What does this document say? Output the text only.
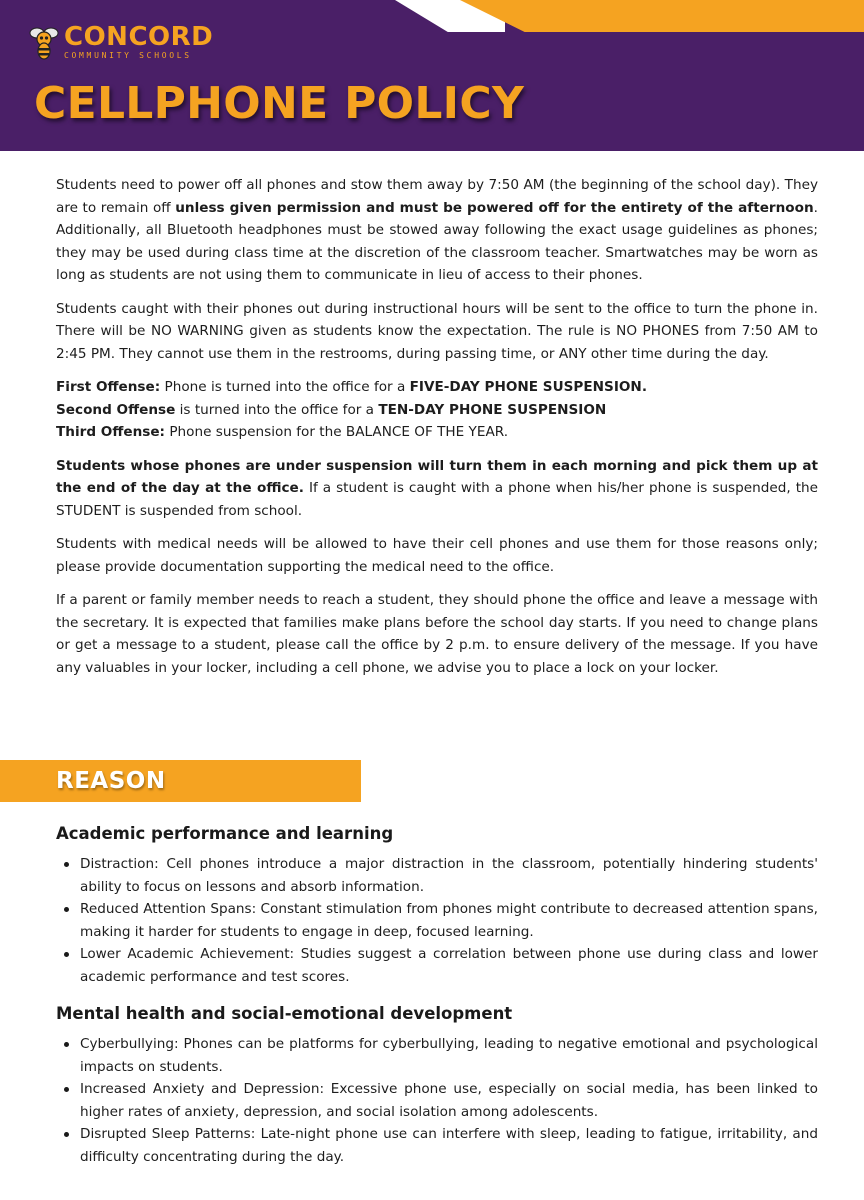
CONCORD
COMMUNITY SCHOOLS
CELLPHONE POLICY

Students need to power off all phones and stow them away by 7:50 AM (the beginning of the school day). They are to remain off unless given permission and must be powered off for the entirety of the afternoon. Additionally, all Bluetooth headphones must be stowed away following the exact usage guidelines as phones; they may be used during class time at the discretion of the classroom teacher. Smartwatches may be worn as long as students are not using them to communicate in lieu of access to their phones.

Students caught with their phones out during instructional hours will be sent to the office to turn the phone in. There will be NO WARNING given as students know the expectation. The rule is NO PHONES from 7:50 AM to 2:45 PM. They cannot use them in the restrooms, during passing time, or ANY other time during the day.

First Offense: Phone is turned into the office for a FIVE-DAY PHONE SUSPENSION.
Second Offense is turned into the office for a TEN-DAY PHONE SUSPENSION
Third Offense: Phone suspension for the BALANCE OF THE YEAR.

Students whose phones are under suspension will turn them in each morning and pick them up at the end of the day at the office. If a student is caught with a phone when his/her phone is suspended, the STUDENT is suspended from school.

Students with medical needs will be allowed to have their cell phones and use them for those reasons only; please provide documentation supporting the medical need to the office.

If a parent or family member needs to reach a student, they should phone the office and leave a message with the secretary. It is expected that families make plans before the school day starts. If you need to change plans or get a message to a student, please call the office by 2 p.m. to ensure delivery of the message. If you have any valuables in your locker, including a cell phone, we advise you to place a lock on your locker.

REASON
Academic performance and learning
Distraction: Cell phones introduce a major distraction in the classroom, potentially hindering students' ability to focus on lessons and absorb information.
Reduced Attention Spans: Constant stimulation from phones might contribute to decreased attention spans, making it harder for students to engage in deep, focused learning.
Lower Academic Achievement: Studies suggest a correlation between phone use during class and lower academic performance and test scores.
Mental health and social-emotional development
Cyberbullying: Phones can be platforms for cyberbullying, leading to negative emotional and psychological impacts on students.
Increased Anxiety and Depression: Excessive phone use, especially on social media, has been linked to higher rates of anxiety, depression, and social isolation among adolescents.
Disrupted Sleep Patterns: Late-night phone use can interfere with sleep, leading to fatigue, irritability, and difficulty concentrating during the day.
